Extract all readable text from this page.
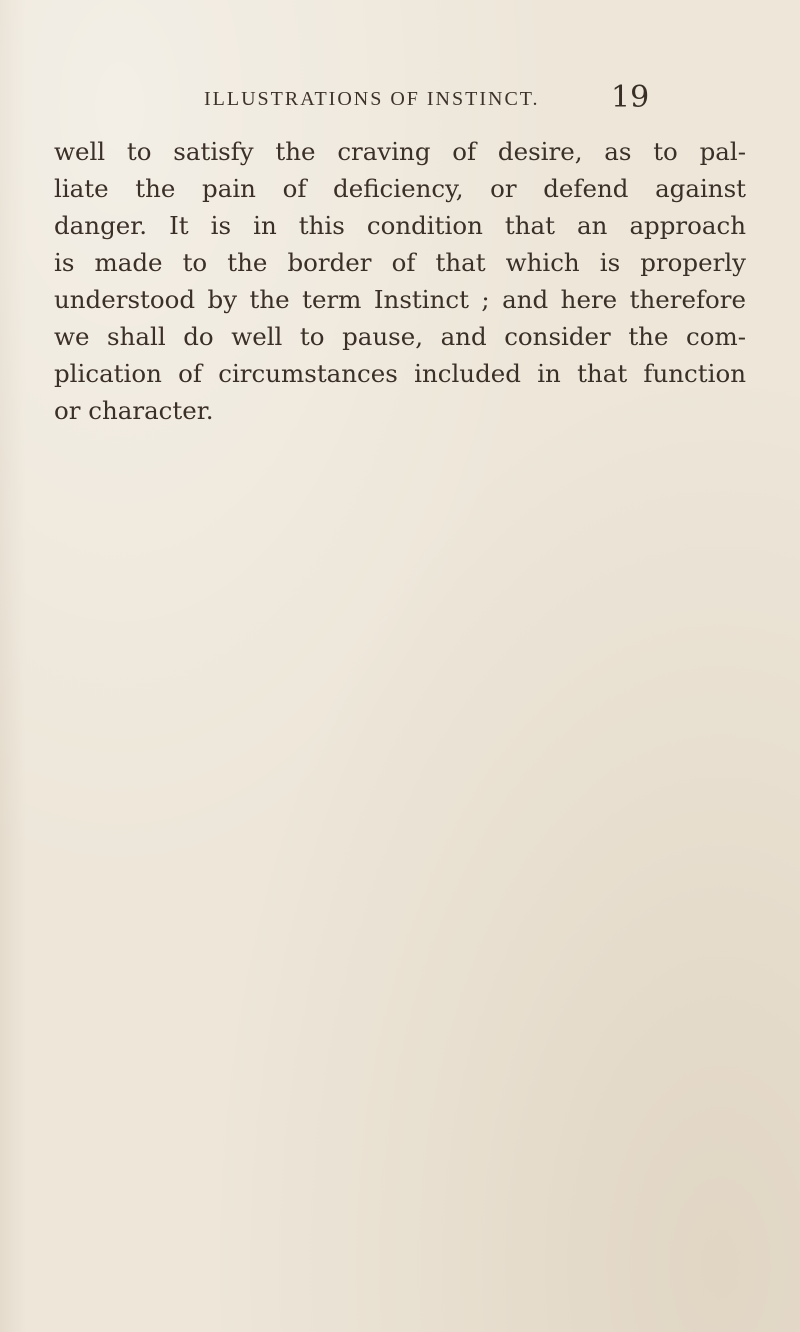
ILLUSTRATIONS OF INSTINCT. 19
well to satisfy the craving of desire, as to pal-
liate the pain of deficiency, or defend against
danger. It is in this condition that an approach
is made to the border of that which is properly
understood by the term Instinct ; and here therefore
we shall do well to pause, and consider the com-
plication of circumstances included in that function
or character.
